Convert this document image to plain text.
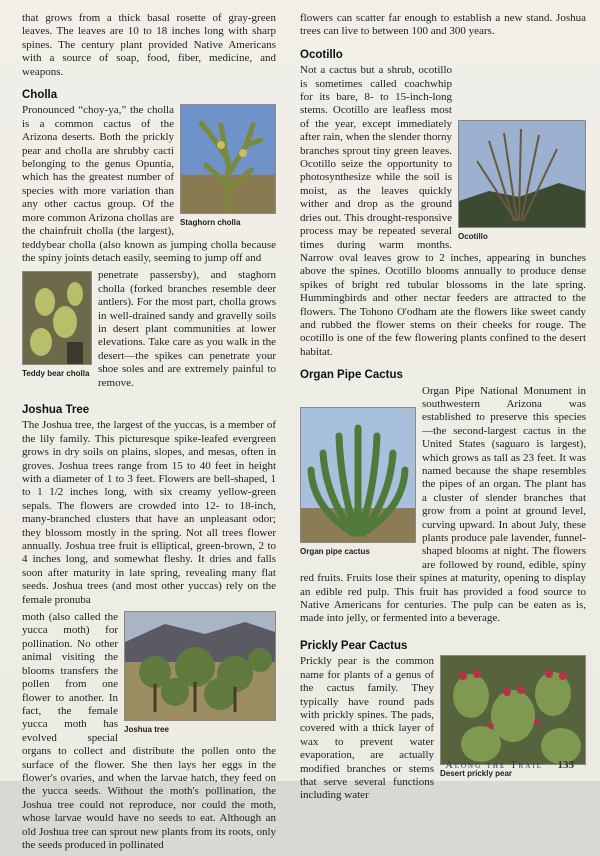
that grows from a thick basal rosette of gray-green leaves. The leaves are 10 to 18 inches long with sharp spines. The century plant provided Native Americans with a source of soap, food, fiber, medicine, and weapons.

Cholla
Staghorn cholla

Pronounced “choy-ya,” the cholla is a common cactus of the Arizona deserts. Both the prickly pear and cholla are shrubby cacti belonging to the genus Opuntia, which has the greatest number of species with more variation than any other cactus group. Of the more common Arizona chollas are the chainfruit cholla (the largest), teddybear cholla (also known as jumping cholla because the spiny joints detach easily, seeming to jump off and

Teddy bear cholla

penetrate passersby), and staghorn cholla (forked branches resemble deer antlers). For the most part, cholla grows in well-drained sandy and gravelly soils in desert plant communities at lower elevations. Take care as you walk in the desert—the spikes can penetrate your shoe soles and are extremely painful to remove.

Joshua Tree

The Joshua tree, the largest of the yuccas, is a member of the lily family. This picturesque spike-leafed evergreen grows in dry soils on plains, slopes, and mesas, often in groves. Joshua trees range from 15 to 40 feet in height with a diameter of 1 to 3 feet. Flowers are bell-shaped, 1 to 1 1/2 inches long, with six creamy yellow-green sepals. The flowers are crowded into 12- to 18-inch, many-branched clusters that have an unpleasant odor; they blossom mostly in the spring. Not all trees flower annually. Joshua tree fruit is elliptical, green-brown, 2 to 4 inches long, and somewhat fleshy. It dries and falls soon after maturity in late spring, revealing many flat seeds. Joshua trees (and most other yuccas) rely on the female pronuba

Joshua tree

moth (also called the yucca moth) for pollination. No other animal visiting the blooms transfers the pollen from one flower to another. In fact, the female yucca moth has evolved special organs to collect and distribute the pollen onto the surface of the flower. She then lays her eggs in the flower's ovaries, and when the larvae hatch, they feed on the yucca seeds. Without the moth's pollination, the Joshua tree could not reproduce, nor could the moth, whose larvae would have no seeds to eat. Although an old Joshua tree can sprout new plants from its roots, only the seeds produced in pollinated

flowers can scatter far enough to establish a new stand. Joshua trees can live to between 100 and 300 years.

Ocotillo
Ocotillo

Not a cactus but a shrub, ocotillo is sometimes called coachwhip for its bare, 8- to 15-inch-long stems. Ocotillo are leafless most of the year, except immediately after rain, when the slender thorny branches sprout tiny green leaves. Ocotillo seize the opportunity to photosynthesize while the soil is moist, as the leaves quickly wither and drop as the ground dries out. This drought-responsive process may be repeated several times during warm months. Narrow oval leaves grow to 2 inches, appearing in bunches above the spines. Ocotillo blooms annually to produce dense spikes of bright red tubular blossoms in the late spring. Hummingbirds and other nectar feeders are attracted to the flowers. The Tohono O'odham ate the flowers like sweet candy and rubbed the flower stems on their cheeks for rouge. The ocotillo is one of the few flowering plants confined to the desert habitat.

Organ Pipe Cactus
Organ pipe cactus

Organ Pipe National Monument in southwestern Arizona was established to preserve this species—the second-largest cactus in the United States (saguaro is largest), which grows as tall as 23 feet. It was named because the shape resembles the pipes of an organ. The plant has a cluster of slender branches that grow from a point at ground level, curving upward. In about July, these plants produce pale lavender, funnel-shaped blooms at night. The flowers are followed by round, edible, spiny red fruits. Fruits lose their spines at maturity, opening to display an edible red pulp. This fruit has provided a food source to Native Americans for centuries. The pulp can be eaten as is, made into jelly, or fermented into a beverage.

Prickly Pear Cactus
Desert prickly pear

Prickly pear is the common name for plants of a genus of the cactus family. They typically have round pads with prickly spines. The pads, covered with a thick layer of wax to prevent water evaporation, are actually modified branches or stems that serve several functions including water

Along the Trail 133
